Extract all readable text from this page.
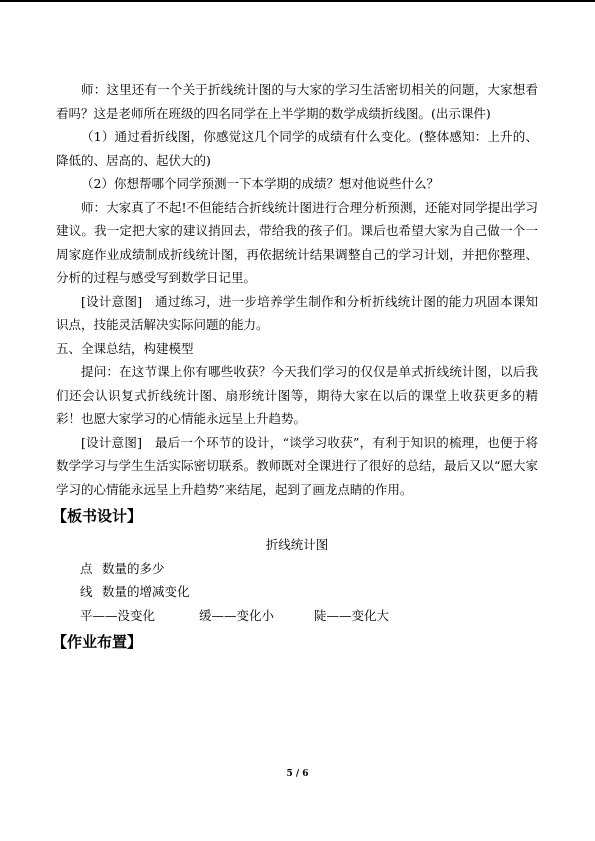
师：这里还有一个关于折线统计图的与大家的学习生活密切相关的问题，大家想看看吗？这是老师所在班级的四名同学在上半学期的数学成绩折线图。(出示课件)

（1）通过看折线图，你感觉这几个同学的成绩有什么变化。(整体感知：上升的、降低的、居高的、起伏大的)

（2）你想帮哪个同学预测一下本学期的成绩？想对他说些什么？

师：大家真了不起!不但能结合折线统计图进行合理分析预测，还能对同学提出学习建议。我一定把大家的建议捎回去，带给我的孩子们。课后也希望大家为自己做一个一周家庭作业成绩制成折线统计图，再依据统计结果调整自己的学习计划，并把你整理、分析的过程与感受写到数学日记里。

[设计意图]　通过练习，进一步培养学生制作和分析折线统计图的能力巩固本课知识点，技能灵活解决实际问题的能力。

五、全课总结，构建模型

提问：在这节课上你有哪些收获？今天我们学习的仅仅是单式折线统计图，以后我们还会认识复式折线统计图、扇形统计图等，期待大家在以后的课堂上收获更多的精彩！也愿大家学习的心情能永远呈上升趋势。

[设计意图]　最后一个环节的设计，“谈学习收获”，有利于知识的梳理，也便于将数学学习与学生生活实际密切联系。教师既对全课进行了很好的总结，最后又以“愿大家学习的心情能永远呈上升趋势”来结尾，起到了画龙点睛的作用。

【板书设计】
折线统计图
点 数量的多少
线 数量的增减变化
平——没变化	缓——变化小	陡——变化大
【作业布置】
5 / 6
